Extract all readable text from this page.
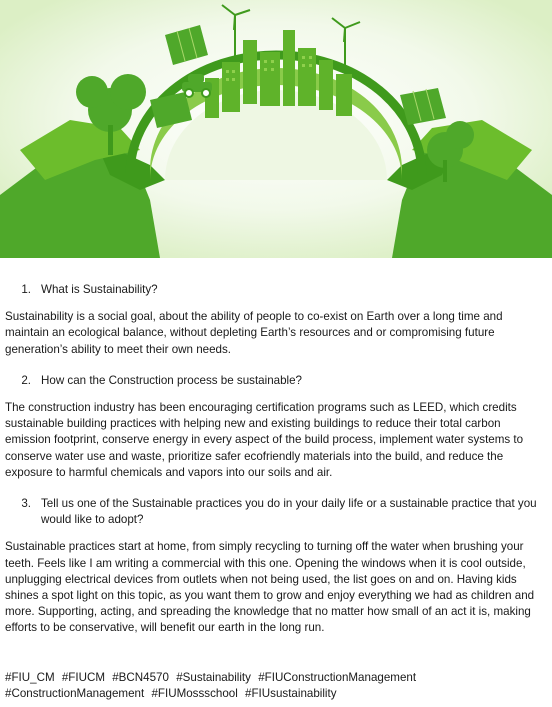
1. What is Sustainability?

Sustainability is a social goal, about the ability of people to co-exist on Earth over a long time and maintain an ecological balance, without depleting Earth’s resources and or compromising future generation’s ability to meet their own needs.

2. How can the Construction process be sustainable?

The construction industry has been encouraging certification programs such as LEED, which credits sustainable building practices with helping new and existing buildings to reduce their total carbon emission footprint, conserve energy in every aspect of the build process, implement water systems to conserve water use and waste, prioritize safer ecofriendly materials into the build, and reduce the exposure to harmful chemicals and vapors into our soils and air.

3. Tell us one of the Sustainable practices you do in your daily life or a sustainable practice that you would like to adopt?

Sustainable practices start at home, from simply recycling to turning off the water when brushing your teeth. Feels like I am writing a commercial with this one. Opening the windows when it is cool outside, unplugging electrical devices from outlets when not being used, the list goes on and on. Having kids shines a spot light on this topic, as you want them to grow and enjoy everything we had as children and more. Supporting, acting, and spreading the knowledge that no matter how small of an act it is, making efforts to be conservative, will benefit our earth in the long run.

#FIU_CM #FIUCM #BCN4570 #Sustainability #FIUConstructionManagement #ConstructionManagement #FIUMossschool #FIUsustainability
